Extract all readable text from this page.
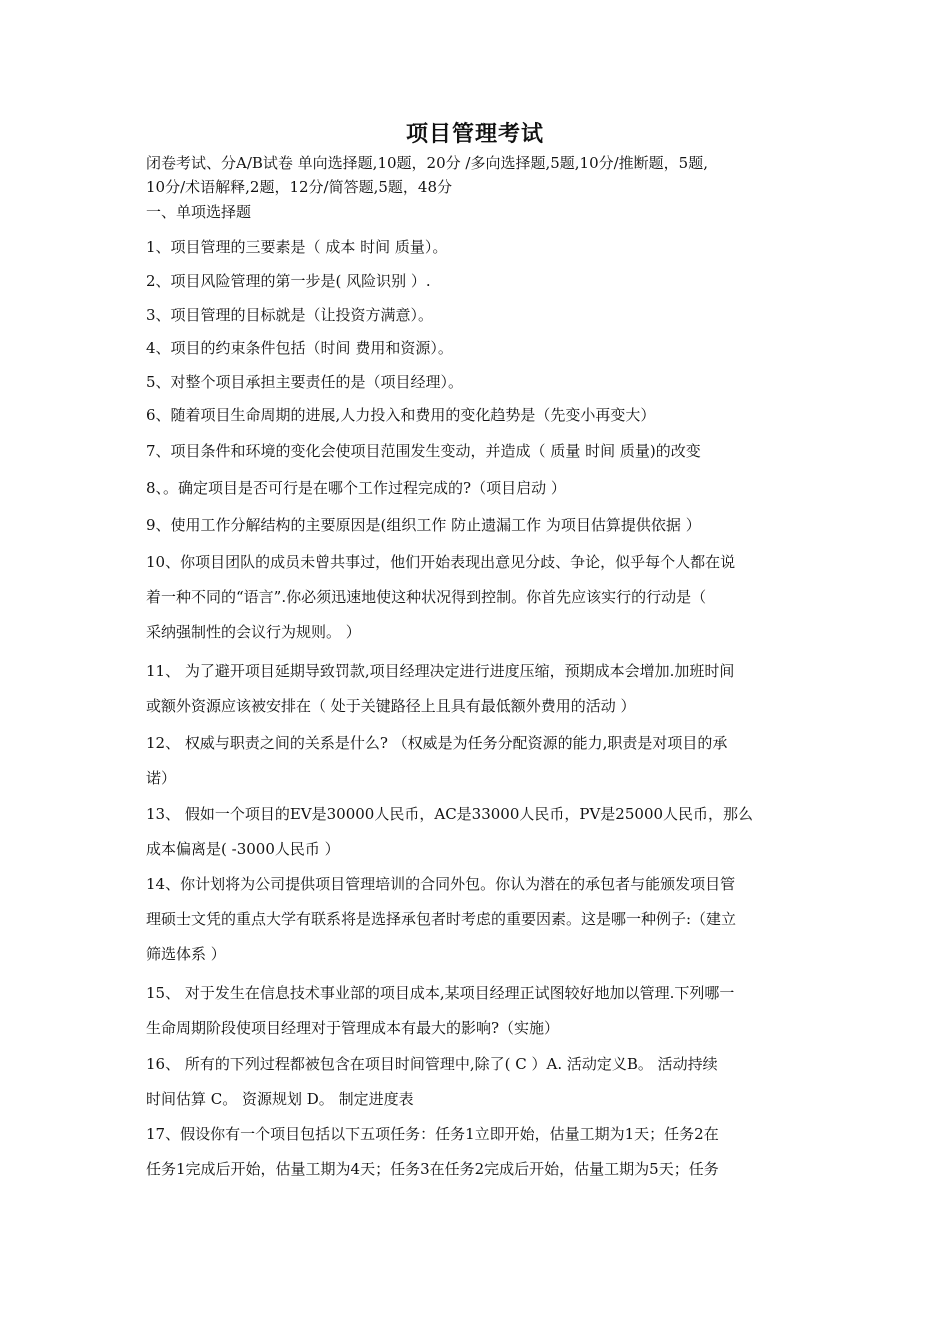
项目管理考试
闭卷考试、分A/B试卷 单向选择题,10题，20分 /多向选择题,5题,10分/推断题，5题,
10分/术语解释,2题，12分/简答题,5题，48分
一、单项选择题
1、项目管理的三要素是（ 成本 时间 质量）。
2、项目风险管理的第一步是( 风险识别 ）.
3、项目管理的目标就是（让投资方满意）。
4、项目的约束条件包括（时间 费用和资源）。
5、对整个项目承担主要责任的是（项目经理）。
6、随着项目生命周期的进展,人力投入和费用的变化趋势是（先变小再变大）
7、项目条件和环境的变化会使项目范围发生变动，并造成（ 质量 时间 质量)的改变
8、。确定项目是否可行是在哪个工作过程完成的?（项目启动 ）
9、使用工作分解结构的主要原因是(组织工作 防止遗漏工作 为项目估算提供依据 ）
10、你项目团队的成员未曾共事过，他们开始表现出意见分歧、争论，似乎每个人都在说
着一种不同的“语言”.你必须迅速地使这种状况得到控制。你首先应该实行的行动是（
采纳强制性的会议行为规则。 ）
11、 为了避开项目延期导致罚款,项目经理决定进行进度压缩，预期成本会增加.加班时间
或额外资源应该被安排在（ 处于关键路径上且具有最低额外费用的活动 ）
12、 权威与职责之间的关系是什么? （权威是为任务分配资源的能力,职责是对项目的承
诺）
13、 假如一个项目的EV是30000人民币，AC是33000人民币，PV是25000人民币，那么
成本偏离是( -3000人民币 ）
14、你计划将为公司提供项目管理培训的合同外包。你认为潜在的承包者与能颁发项目管
理硕士文凭的重点大学有联系将是选择承包者时考虑的重要因素。这是哪一种例子:（建立
筛选体系 ）
15、 对于发生在信息技术事业部的项目成本,某项目经理正试图较好地加以管理.下列哪一
生命周期阶段使项目经理对于管理成本有最大的影响?（实施）
16、 所有的下列过程都被包含在项目时间管理中,除了( C ）A. 活动定义B。 活动持续
时间估算 C。 资源规划 D。 制定进度表
17、假设你有一个项目包括以下五项任务：任务1立即开始，估量工期为1天；任务2在
任务1完成后开始，估量工期为4天；任务3在任务2完成后开始，估量工期为5天；任务
